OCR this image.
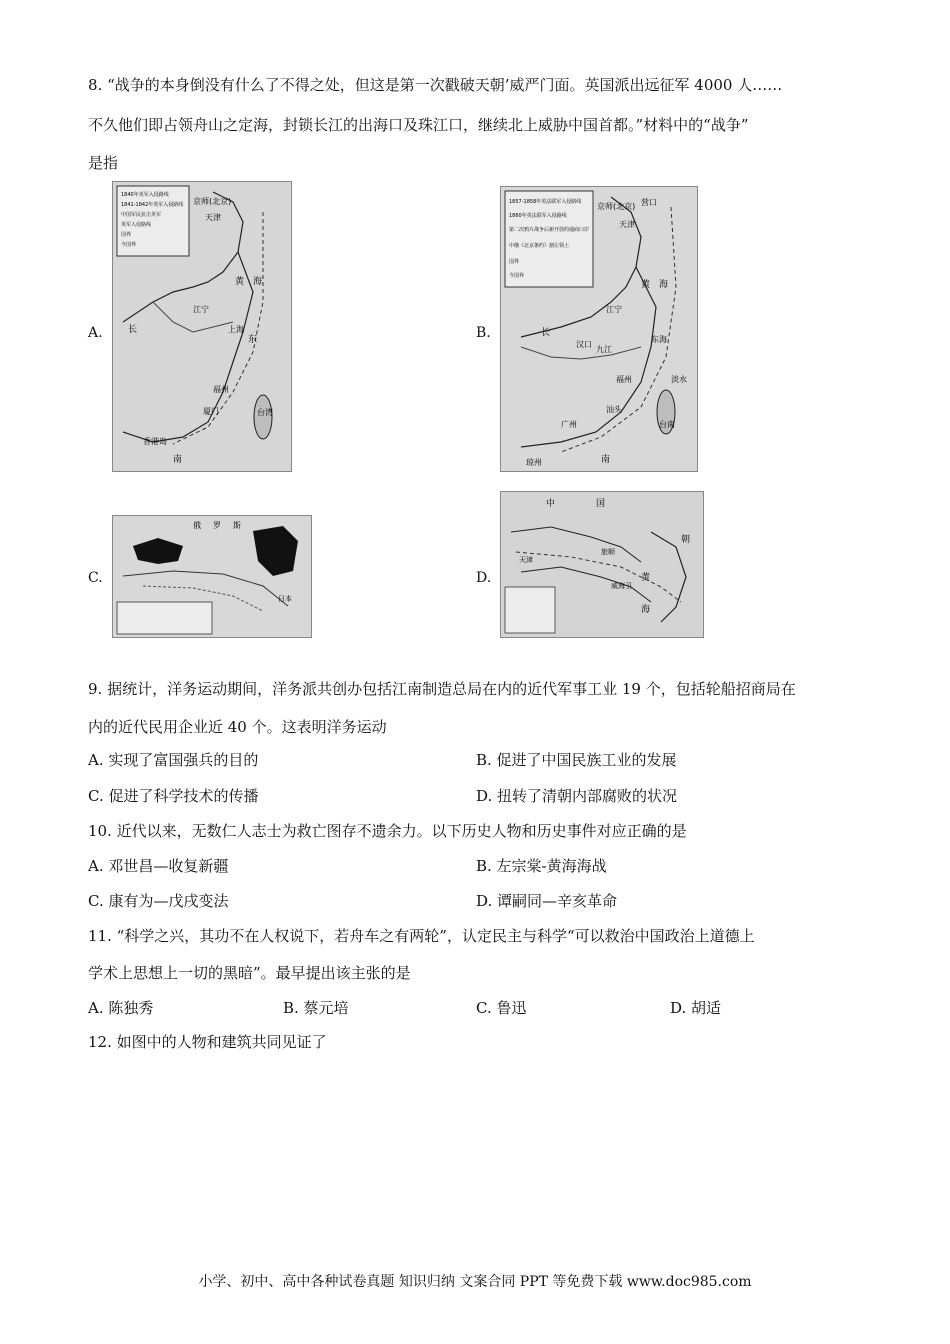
8. “战争的本身倒没有什么了不得之处，但这是第一次戳破天朝’威严门面。英国派出远征军 4000 人……
不久他们即占领舟山之定海，封锁长江的出海口及珠江口，继续北上威胁中国首都。”材料中的“战争”
是指
A.
京师(北京)
天津
黄 海
江宁
上海
东
福州
厦门	台湾
香港岛
南
长
1840年英军入侵路线
1841-1842年英军入侵路线
中国军民抗击英军
英军入侵路线
国界
今国界
B.
营口
京师(北京)
天津
黄 海
江宁
汉口
九江
长
东海
福州	淡水
台南
汕头
广州
琼州	南
1857-1858年英法联军入侵路线
1860年英法联军入侵路线
第二次鸦片战争后新开放的通商口岸
中俄《北京条约》割让领土
国界
今国界
C.
俄 罗 斯
日本
D.
中	国
朝
天津
旅顺
威海卫
黄
海
9. 据统计，洋务运动期间，洋务派共创办包括江南制造总局在内的近代军事工业 19 个，包括轮船招商局在
内的近代民用企业近 40 个。这表明洋务运动
A. 实现了富国强兵的目的	B. 促进了中国民族工业的发展
C. 促进了科学技术的传播	D. 扭转了清朝内部腐败的状况
10. 近代以来，无数仁人志士为救亡图存不遗余力。以下历史人物和历史事件对应正确的是
A. 邓世昌—收复新疆	B. 左宗棠-黄海海战
C. 康有为—戊戌变法	D. 谭嗣同—辛亥革命
11. “科学之兴，其功不在人权说下，若舟车之有两轮”，认定民主与科学“可以救治中国政治上道德上
学术上思想上一切的黑暗”。最早提出该主张的是
A. 陈独秀	B. 蔡元培	C. 鲁迅	D. 胡适
12. 如图中的人物和建筑共同见证了
小学、初中、高中各种试卷真题 知识归纳 文案合同 PPT 等免费下载 www.doc985.com
